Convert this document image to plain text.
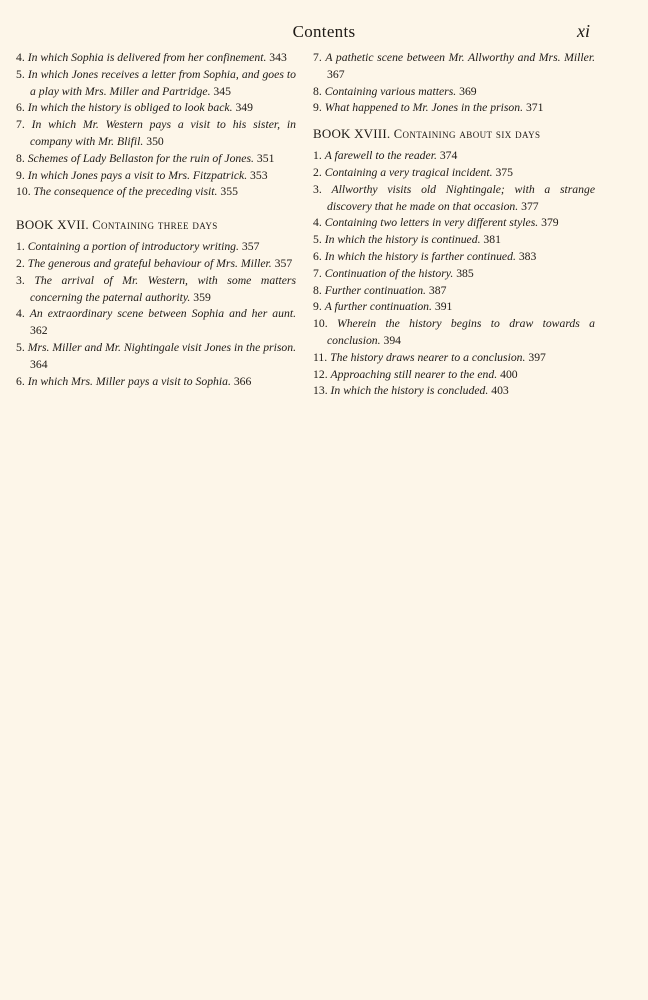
Contents	xi

4. In which Sophia is delivered from her confinement. 343

5. In which Jones receives a letter from Sophia, and goes to a play with Mrs. Miller and Partridge. 345

6. In which the history is obliged to look back. 349

7. In which Mr. Western pays a visit to his sister, in company with Mr. Blifil. 350

8. Schemes of Lady Bellaston for the ruin of Jones. 351

9. In which Jones pays a visit to Mrs. Fitzpatrick. 353

10. The consequence of the preceding visit. 355

BOOK XVII. Containing three days

1. Containing a portion of introductory writing. 357

2. The generous and grateful behaviour of Mrs. Miller. 357

3. The arrival of Mr. Western, with some matters concerning the paternal authority. 359

4. An extraordinary scene between Sophia and her aunt. 362

5. Mrs. Miller and Mr. Nightingale visit Jones in the prison. 364

6. In which Mrs. Miller pays a visit to Sophia. 366

7. A pathetic scene between Mr. Allworthy and Mrs. Miller. 367

8. Containing various matters. 369

9. What happened to Mr. Jones in the prison. 371

BOOK XVIII. Containing about six days

1. A farewell to the reader. 374

2. Containing a very tragical incident. 375

3. Allworthy visits old Nightingale; with a strange discovery that he made on that occasion. 377

4. Containing two letters in very different styles. 379

5. In which the history is continued. 381

6. In which the history is farther continued. 383

7. Continuation of the history. 385

8. Further continuation. 387

9. A further continuation. 391

10. Wherein the history begins to draw towards a conclusion. 394

11. The history draws nearer to a conclusion. 397

12. Approaching still nearer to the end. 400

13. In which the history is concluded. 403
